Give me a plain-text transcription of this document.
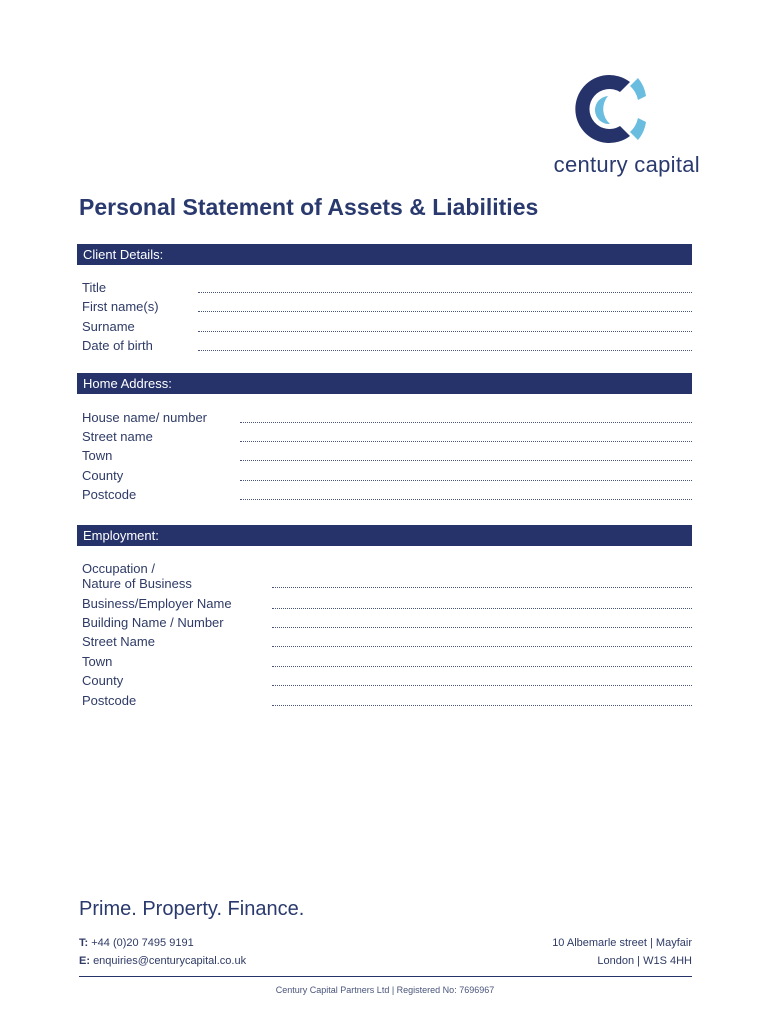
century capital
Personal Statement of Assets & Liabilities
Client Details:
Title
First name(s)
Surname
Date of birth
Home Address:
House name/ number
Street name
Town
County
Postcode
Employment:
Occupation /
Nature of Business
Business/Employer Name
Building Name / Number
Street Name
Town
County
Postcode
Prime. Property. Finance.
T: +44 (0)20 7495 9191
E: enquiries@centurycapital.co.uk
10 Albemarle street | Mayfair
London | W1S 4HH
Century Capital Partners Ltd | Registered No: 7696967
